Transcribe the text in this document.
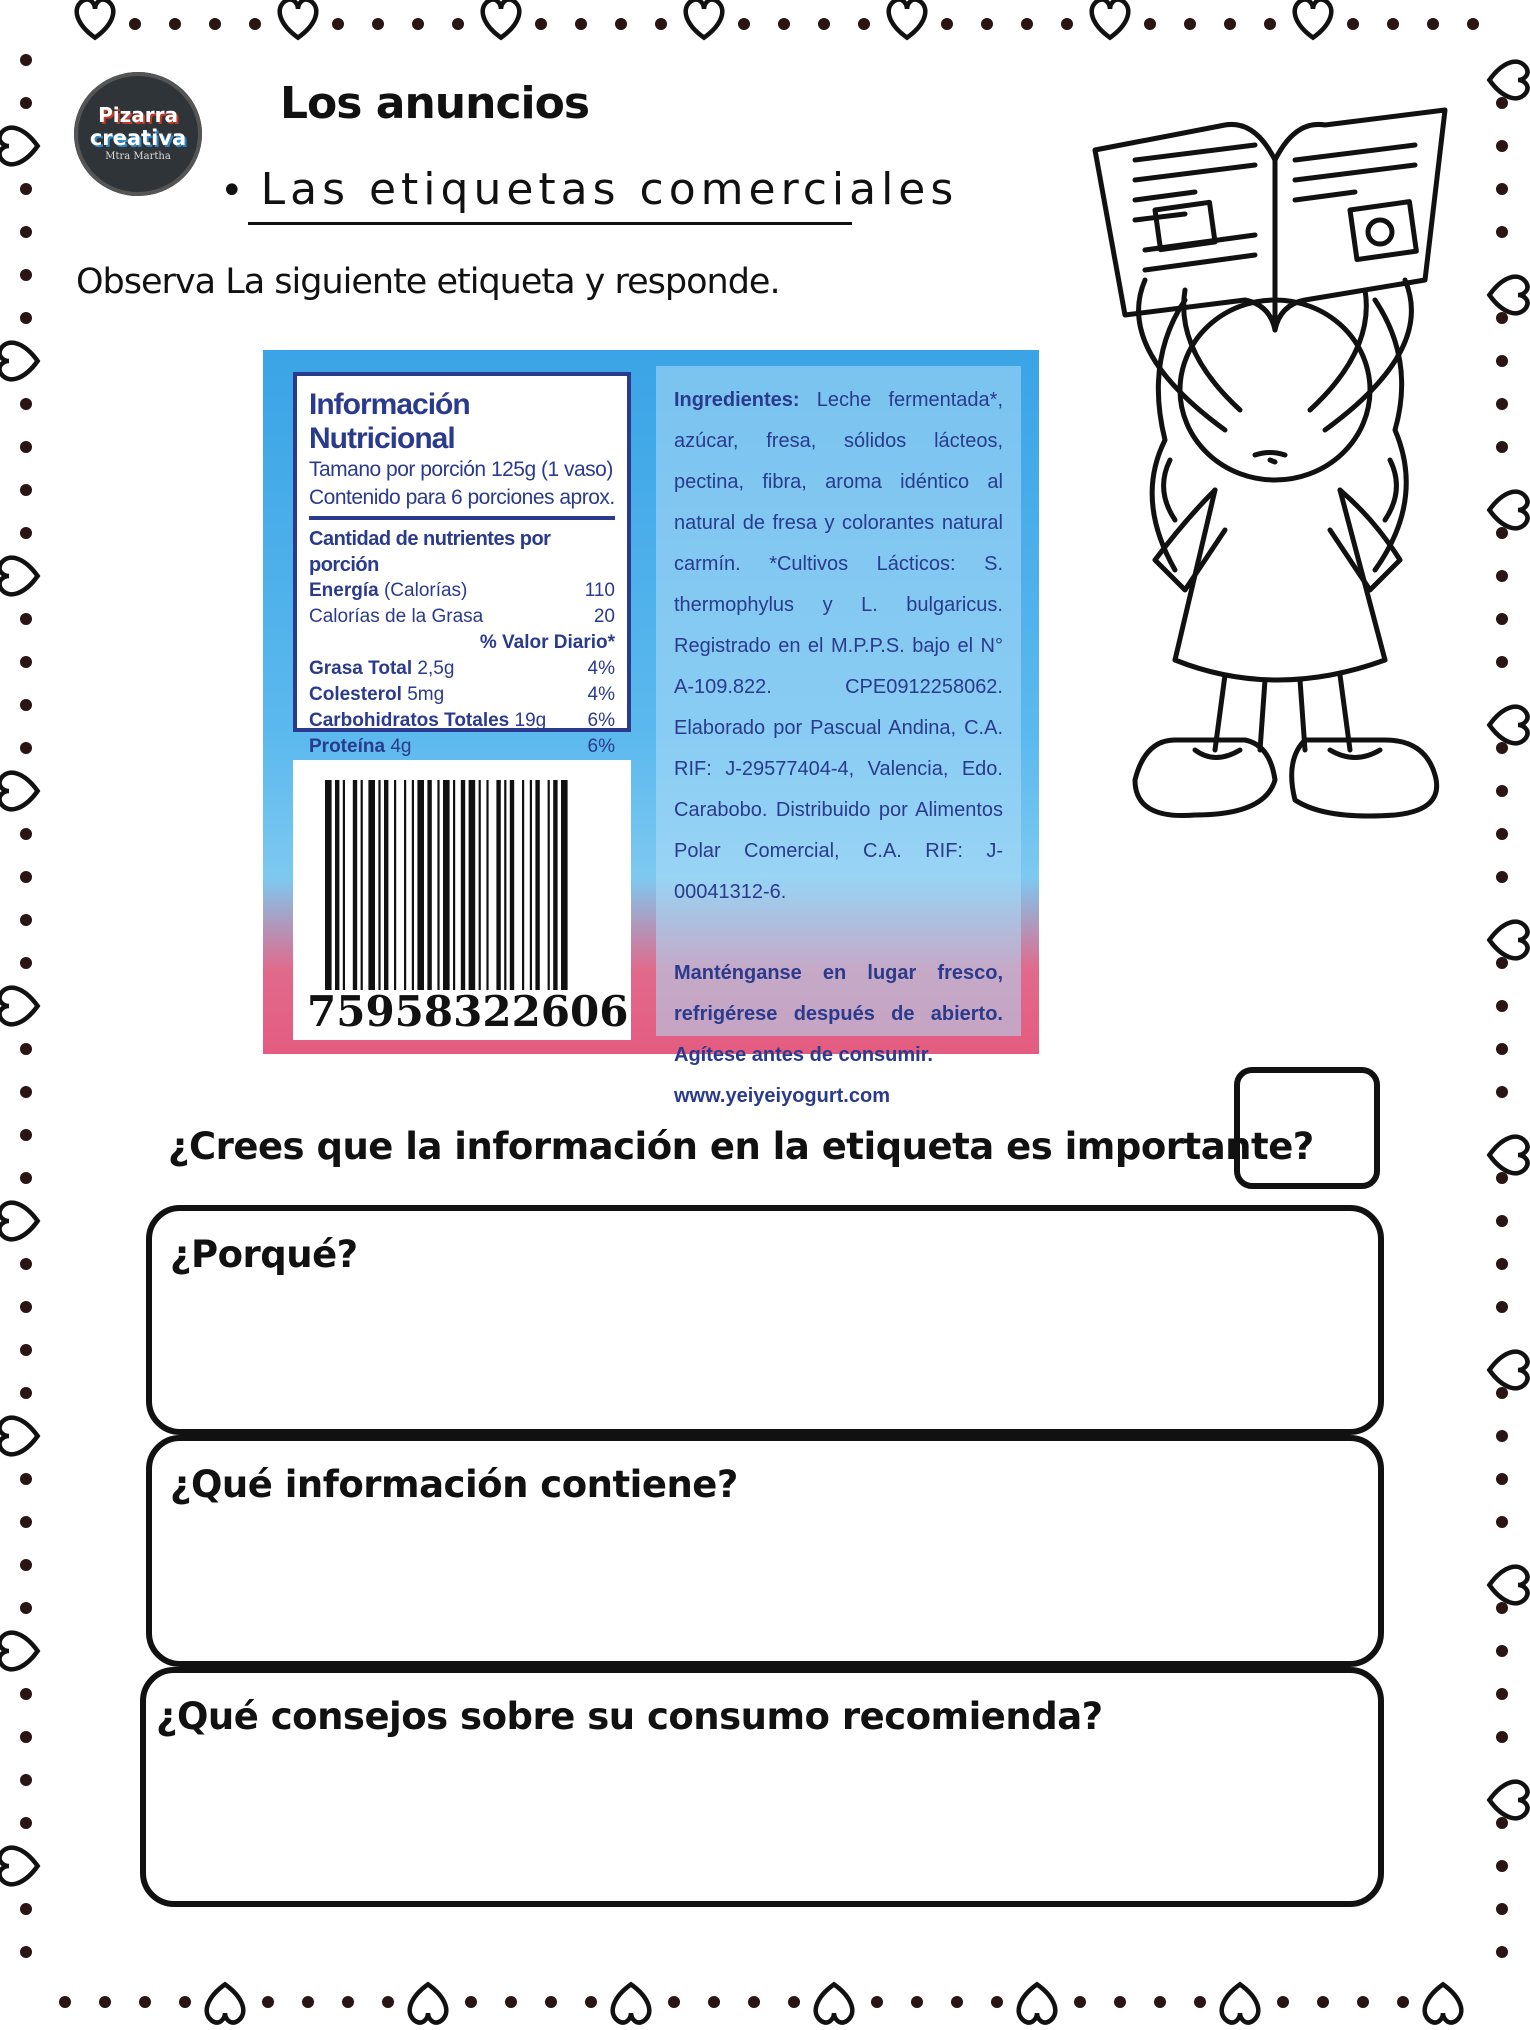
Pizarra
creativa
Mtra Martha
Los anuncios
• Las etiquetas comerciales
Observa La siguiente etiqueta y responde.
Información Nutricional
Tamano por porción 125g (1 vaso)
Contenido para 6 porciones aprox.
Cantidad de nutrientes por porción
Energía (Calorías)	110
Calorías de la Grasa	20
% Valor Diario*
Grasa Total 2,5g	4%
Colesterol 5mg	4%
Carbohidratos Totales 19g 6%
Proteína 4g	6%
7 59583 22606
Ingredientes: Leche fermentada*, azúcar, fresa, sólidos lácteos, pectina, fibra, aroma idéntico al natural de fresa y colorantes natural carmín. *Cultivos Lácticos: S. thermophylus y L. bulgaricus. Registrado en el M.P.P.S. bajo el N° A-109.822. CPE0912258062. Elaborado por Pascual Andina, C.A. RIF: J-29577404-4, Valencia, Edo. Carabobo. Distribuido por Alimentos Polar Comercial, C.A. RIF: J-00041312-6.
Manténganse en lugar fresco, refrigérese después de abierto. Agítese antes de consumir.
www.yeiyeiyogurt.com
¿Crees que la información en la etiqueta es importante?
¿Porqué?
¿Qué información contiene?
¿Qué consejos sobre su consumo recomienda?
